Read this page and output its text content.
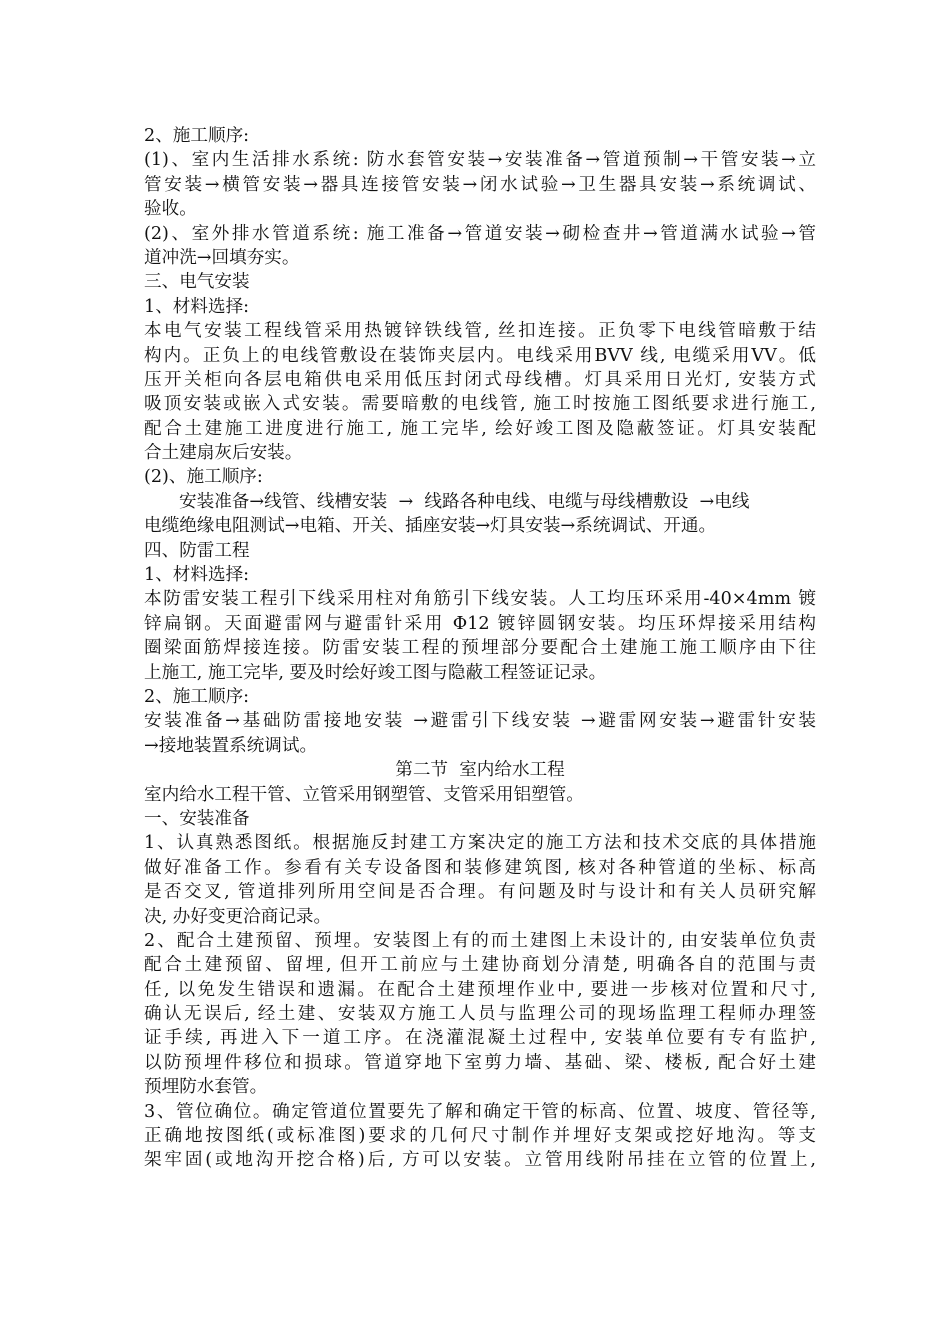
2、施工顺序:
(1)、室内生活排水系统: 防水套管安装→安装准备→管道预制→干管安装→立
管安装→横管安装→器具连接管安装→闭水试验→卫生器具安装→系统调试、
验收。
(2)、室外排水管道系统: 施工准备→管道安装→砌检查井→管道满水试验→管
道冲洗→回填夯实。
三、电气安装
1、材料选择:
本电气安装工程线管采用热镀锌铁线管, 丝扣连接。正负零下电线管暗敷于结
构内。正负上的电线管敷设在装饰夹层内。电线采用BVV 线, 电缆采用VV。低
压开关柜向各层电箱供电采用低压封闭式母线槽。灯具采用日光灯, 安装方式
吸顶安装或嵌入式安装。需要暗敷的电线管, 施工时按施工图纸要求进行施工,
配合土建施工进度进行施工, 施工完毕, 绘好竣工图及隐蔽签证。灯具安装配
合土建扇灰后安装。
(2)、施工顺序:
安装准备→线管、线槽安装  →  线路各种电线、电缆与母线槽敷设  →电线
电缆绝缘电阻测试→电箱、开关、插座安装→灯具安装→系统调试、开通。
四、防雷工程
1、材料选择:
本防雷安装工程引下线采用柱对角筋引下线安装。人工均压环采用-40×4mm 镀
锌扁钢。天面避雷网与避雷针采用 Φ12 镀锌圆钢安装。均压环焊接采用结构
圈梁面筋焊接连接。防雷安装工程的预埋部分要配合土建施工施工顺序由下往
上施工, 施工完毕, 要及时绘好竣工图与隐蔽工程签证记录。
2、施工顺序:
安装准备→基础防雷接地安装 →避雷引下线安装 →避雷网安装→避雷针安装
→接地装置系统调试。
第二节  室内给水工程
室内给水工程干管、立管采用钢塑管、支管采用铝塑管。
一、安装准备
1、认真熟悉图纸。根据施反封建工方案决定的施工方法和技术交底的具体措施
做好准备工作。参看有关专设备图和装修建筑图, 核对各种管道的坐标、标高
是否交叉, 管道排列所用空间是否合理。有问题及时与设计和有关人员研究解
决, 办好变更洽商记录。
2、配合土建预留、预埋。安装图上有的而土建图上未设计的, 由安装单位负责
配合土建预留、留埋, 但开工前应与土建协商划分清楚, 明确各自的范围与责
任, 以免发生错误和遗漏。在配合土建预埋作业中, 要进一步核对位置和尺寸,
确认无误后, 经土建、安装双方施工人员与监理公司的现场监理工程师办理签
证手续, 再进入下一道工序。在浇灌混凝土过程中, 安装单位要有专有监护,
以防预埋件移位和损球。管道穿地下室剪力墙、基础、梁、楼板, 配合好土建
预埋防水套管。
3、管位确位。确定管道位置要先了解和确定干管的标高、位置、坡度、管径等,
正确地按图纸(或标准图)要求的几何尺寸制作并埋好支架或挖好地沟。等支
架牢固(或地沟开挖合格)后, 方可以安装。立管用线附吊挂在立管的位置上,
